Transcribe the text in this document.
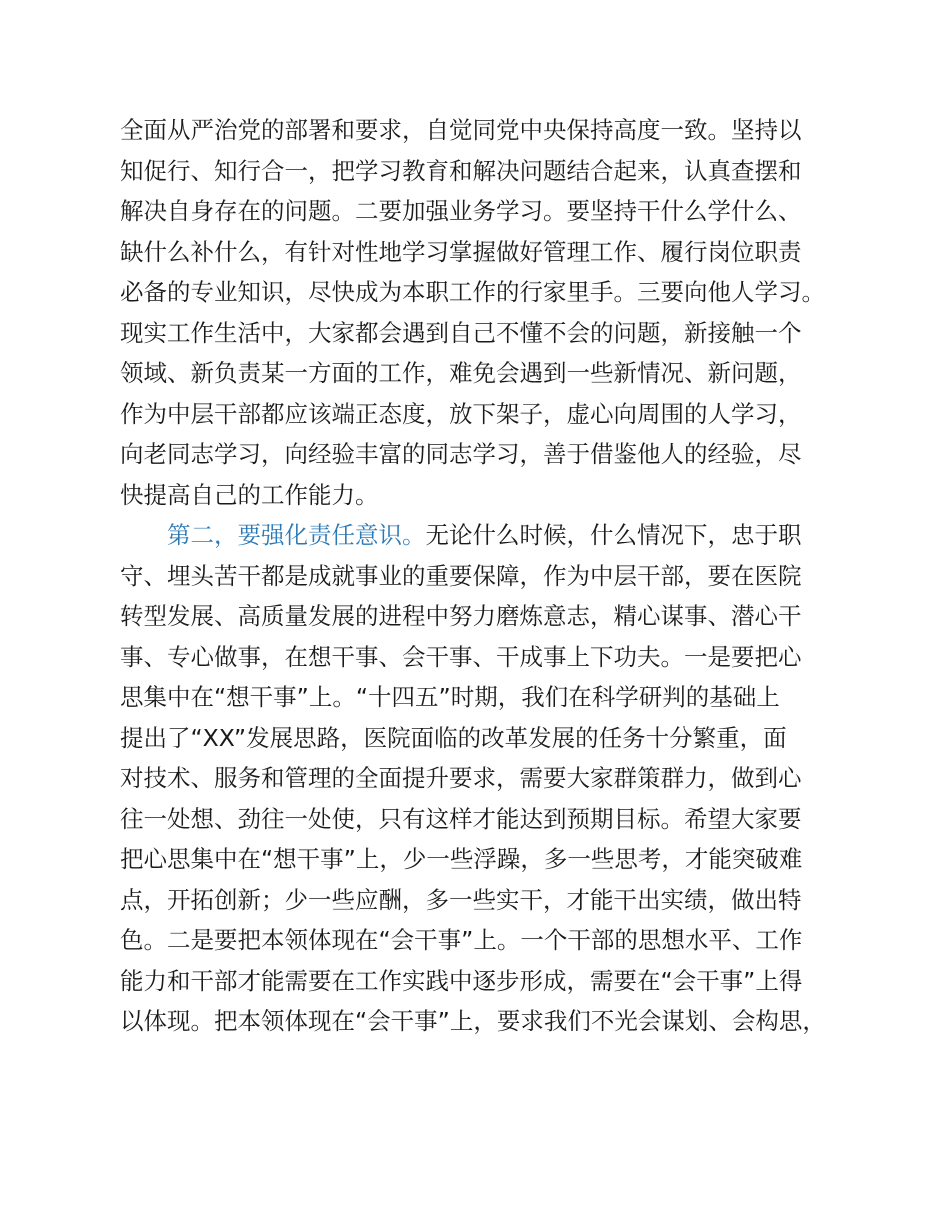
全面从严治党的部署和要求，自觉同党中央保持高度一致。坚持以
知促行、知行合一，把学习教育和解决问题结合起来，认真查摆和
解决自身存在的问题。二要加强业务学习。要坚持干什么学什么、
缺什么补什么，有针对性地学习掌握做好管理工作、履行岗位职责
必备的专业知识，尽快成为本职工作的行家里手。三要向他人学习。
现实工作生活中，大家都会遇到自己不懂不会的问题，新接触一个
领域、新负责某一方面的工作，难免会遇到一些新情况、新问题，
作为中层干部都应该端正态度，放下架子，虚心向周围的人学习，
向老同志学习，向经验丰富的同志学习，善于借鉴他人的经验，尽
快提高自己的工作能力。
第二，要强化责任意识。无论什么时候，什么情况下，忠于职
守、埋头苦干都是成就事业的重要保障，作为中层干部，要在医院
转型发展、高质量发展的进程中努力磨炼意志，精心谋事、潜心干
事、专心做事，在想干事、会干事、干成事上下功夫。一是要把心
思集中在“想干事”上。“十四五”时期，我们在科学研判的基础上
提出了“XX”发展思路，医院面临的改革发展的任务十分繁重，面
对技术、服务和管理的全面提升要求，需要大家群策群力，做到心
往一处想、劲往一处使，只有这样才能达到预期目标。希望大家要
把心思集中在“想干事”上，少一些浮躁，多一些思考，才能突破难
点，开拓创新；少一些应酬，多一些实干，才能干出实绩，做出特
色。二是要把本领体现在“会干事”上。一个干部的思想水平、工作
能力和干部才能需要在工作实践中逐步形成，需要在“会干事”上得
以体现。把本领体现在“会干事”上，要求我们不光会谋划、会构思，
